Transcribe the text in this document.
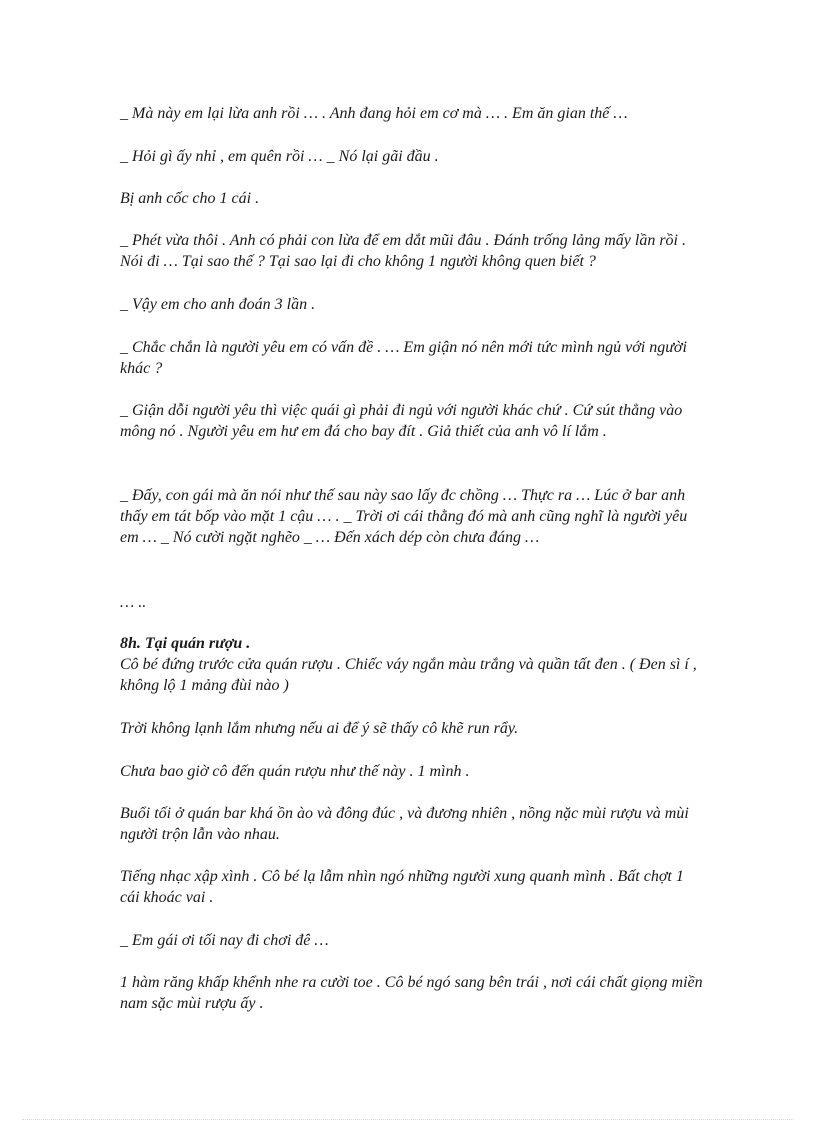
_ Mà này em lại lừa anh rồi … . Anh đang hỏi em cơ mà … . Em ăn gian thế …

_ Hỏi gì ấy nhỉ , em quên rồi … _ Nó lại gãi đầu .

Bị anh cốc cho 1 cái .

_ Phét vừa thôi . Anh có phải con lừa để em dắt mũi đâu . Đánh trống lảng mấy lần rồi . Nói đi … Tại sao thế ? Tại sao lại đi cho không 1 người không quen biết ?

_ Vậy em cho anh đoán 3 lần .

_ Chắc chắn là người yêu em có vấn đề . … Em giận nó nên mới tức mình ngủ với người khác ?

_ Giận dỗi người yêu thì việc quái gì phải đi ngủ với người khác chứ . Cứ sút thẳng vào mông nó . Người yêu em hư em đá cho bay đít . Giả thiết của anh vô lí lắm .

_ Đấy, con gái mà ăn nói như thế sau này sao lấy đc chồng … Thực ra … Lúc ở bar anh thấy em tát bốp vào mặt 1 cậu … . _ Trời ơi cái thằng đó mà anh cũng nghĩ là người yêu em … _ Nó cười ngặt nghẽo _ … Đến xách dép còn chưa đáng …

… ..

8h. Tại quán rượu .

Cô bé đứng trước cửa quán rượu . Chiếc váy ngắn màu trắng và quần tất đen . ( Đen sì í , không lộ 1 mảng đùi nào )

Trời không lạnh lắm nhưng nếu ai để ý sẽ thấy cô khẽ run rẩy.

Chưa bao giờ cô đến quán rượu như thế này . 1 mình .

Buổi tối ở quán bar khá ồn ào và đông đúc , và đương nhiên , nồng nặc mùi rượu và mùi người trộn lẫn vào nhau.

Tiếng nhạc xập xình . Cô bé lạ lẫm nhìn ngó những người xung quanh mình . Bất chợt 1 cái khoác vai .

_ Em gái ơi tối nay đi chơi đê …

1 hàm răng khấp khểnh nhe ra cười toe . Cô bé ngó sang bên trái , nơi cái chất giọng miền nam sặc mùi rượu ấy .
